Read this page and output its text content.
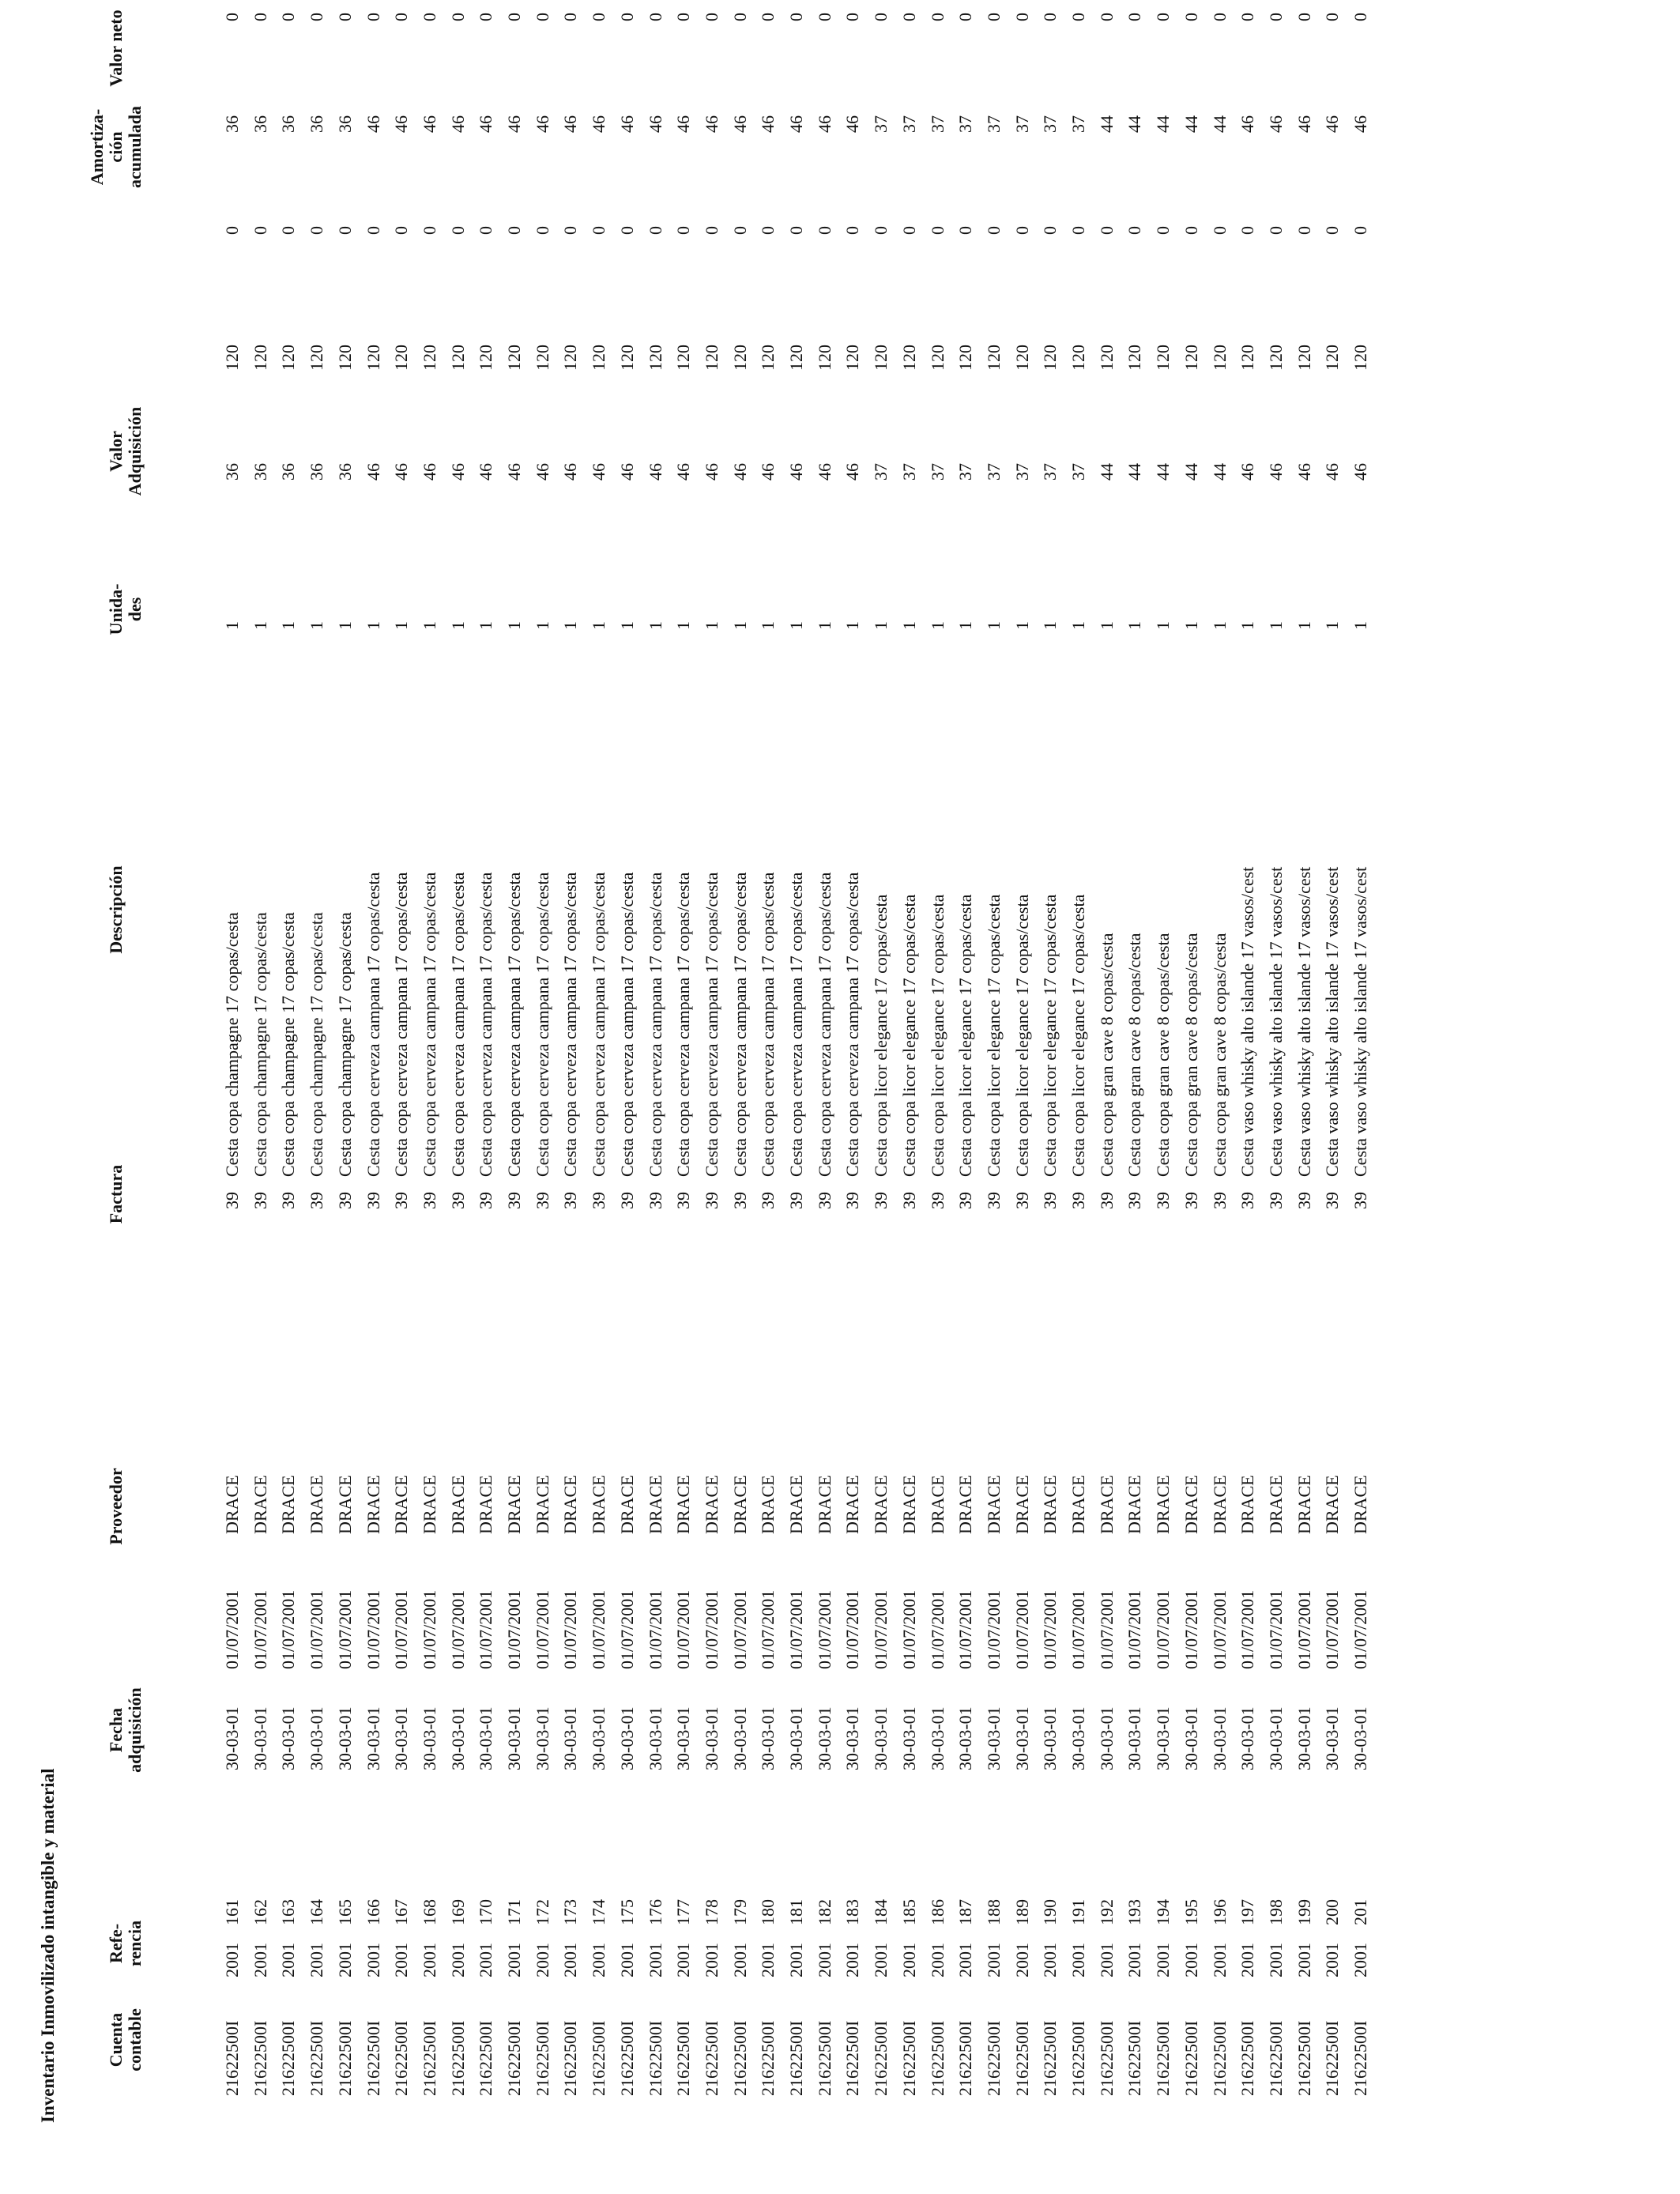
Inventario Inmovilizado intangible y material	Cuenta contable
Refe- rencia
Fecha adquisición
Proveedor
Factura
Descripción
Unida- des
Valor Adquisición
Amortiza- ción acumulada
Valor neto
21622500I
2001
161
30-03-01
01/07/2001
DRACE
39
Cesta copa champagne 17 copas/cesta
1
36
120
0
36
0
21622500I
2001
162
30-03-01
01/07/2001
DRACE
39
Cesta copa champagne 17 copas/cesta
1
36
120
0
36
0
21622500I
2001
163
30-03-01
01/07/2001
DRACE
39
Cesta copa champagne 17 copas/cesta
1
36
120
0
36
0
21622500I
2001
164
30-03-01
01/07/2001
DRACE
39
Cesta copa champagne 17 copas/cesta
1
36
120
0
36
0
21622500I
2001
165
30-03-01
01/07/2001
DRACE
39
Cesta copa champagne 17 copas/cesta
1
36
120
0
36
0
21622500I
2001
166
30-03-01
01/07/2001
DRACE
39
Cesta copa cerveza campana 17 copas/cesta
1
46
120
0
46
0
21622500I
2001
167
30-03-01
01/07/2001
DRACE
39
Cesta copa cerveza campana 17 copas/cesta
1
46
120
0
46
0
21622500I
2001
168
30-03-01
01/07/2001
DRACE
39
Cesta copa cerveza campana 17 copas/cesta
1
46
120
0
46
0
21622500I
2001
169
30-03-01
01/07/2001
DRACE
39
Cesta copa cerveza campana 17 copas/cesta
1
46
120
0
46
0
21622500I
2001
170
30-03-01
01/07/2001
DRACE
39
Cesta copa cerveza campana 17 copas/cesta
1
46
120
0
46
0
21622500I
2001
171
30-03-01
01/07/2001
DRACE
39
Cesta copa cerveza campana 17 copas/cesta
1
46
120
0
46
0
21622500I
2001
172
30-03-01
01/07/2001
DRACE
39
Cesta copa cerveza campana 17 copas/cesta
1
46
120
0
46
0
21622500I
2001
173
30-03-01
01/07/2001
DRACE
39
Cesta copa cerveza campana 17 copas/cesta
1
46
120
0
46
0
21622500I
2001
174
30-03-01
01/07/2001
DRACE
39
Cesta copa cerveza campana 17 copas/cesta
1
46
120
0
46
0
21622500I
2001
175
30-03-01
01/07/2001
DRACE
39
Cesta copa cerveza campana 17 copas/cesta
1
46
120
0
46
0
21622500I
2001
176
30-03-01
01/07/2001
DRACE
39
Cesta copa cerveza campana 17 copas/cesta
1
46
120
0
46
0
21622500I
2001
177
30-03-01
01/07/2001
DRACE
39
Cesta copa cerveza campana 17 copas/cesta
1
46
120
0
46
0
21622500I
2001
178
30-03-01
01/07/2001
DRACE
39
Cesta copa cerveza campana 17 copas/cesta
1
46
120
0
46
0
21622500I
2001
179
30-03-01
01/07/2001
DRACE
39
Cesta copa cerveza campana 17 copas/cesta
1
46
120
0
46
0
21622500I
2001
180
30-03-01
01/07/2001
DRACE
39
Cesta copa cerveza campana 17 copas/cesta
1
46
120
0
46
0
21622500I
2001
181
30-03-01
01/07/2001
DRACE
39
Cesta copa cerveza campana 17 copas/cesta
1
46
120
0
46
0
21622500I
2001
182
30-03-01
01/07/2001
DRACE
39
Cesta copa cerveza campana 17 copas/cesta
1
46
120
0
46
0
21622500I
2001
183
30-03-01
01/07/2001
DRACE
39
Cesta copa cerveza campana 17 copas/cesta
1
46
120
0
46
0
21622500I
2001
184
30-03-01
01/07/2001
DRACE
39
Cesta copa licor elegance 17 copas/cesta
1
37
120
0
37
0
21622500I
2001
185
30-03-01
01/07/2001
DRACE
39
Cesta copa licor elegance 17 copas/cesta
1
37
120
0
37
0
21622500I
2001
186
30-03-01
01/07/2001
DRACE
39
Cesta copa licor elegance 17 copas/cesta
1
37
120
0
37
0
21622500I
2001
187
30-03-01
01/07/2001
DRACE
39
Cesta copa licor elegance 17 copas/cesta
1
37
120
0
37
0
21622500I
2001
188
30-03-01
01/07/2001
DRACE
39
Cesta copa licor elegance 17 copas/cesta
1
37
120
0
37
0
21622500I
2001
189
30-03-01
01/07/2001
DRACE
39
Cesta copa licor elegance 17 copas/cesta
1
37
120
0
37
0
21622500I
2001
190
30-03-01
01/07/2001
DRACE
39
Cesta copa licor elegance 17 copas/cesta
1
37
120
0
37
0
21622500I
2001
191
30-03-01
01/07/2001
DRACE
39
Cesta copa licor elegance 17 copas/cesta
1
37
120
0
37
0
21622500I
2001
192
30-03-01
01/07/2001
DRACE
39
Cesta copa gran cave 8 copas/cesta
1
44
120
0
44
0
21622500I
2001
193
30-03-01
01/07/2001
DRACE
39
Cesta copa gran cave 8 copas/cesta
1
44
120
0
44
0
21622500I
2001
194
30-03-01
01/07/2001
DRACE
39
Cesta copa gran cave 8 copas/cesta
1
44
120
0
44
0
21622500I
2001
195
30-03-01
01/07/2001
DRACE
39
Cesta copa gran cave 8 copas/cesta
1
44
120
0
44
0
21622500I
2001
196
30-03-01
01/07/2001
DRACE
39
Cesta copa gran cave 8 copas/cesta
1
44
120
0
44
0
21622500I
2001
197
30-03-01
01/07/2001
DRACE
39
Cesta vaso whisky alto islande 17 vasos/cest
1
46
120
0
46
0
21622500I
2001
198
30-03-01
01/07/2001
DRACE
39
Cesta vaso whisky alto islande 17 vasos/cest
1
46
120
0
46
0
21622500I
2001
199
30-03-01
01/07/2001
DRACE
39
Cesta vaso whisky alto islande 17 vasos/cest
1
46
120
0
46
0
21622500I
2001
200
30-03-01
01/07/2001
DRACE
39
Cesta vaso whisky alto islande 17 vasos/cest
1
46
120
0
46
0
21622500I
2001
201
30-03-01
01/07/2001
DRACE
39
Cesta vaso whisky alto islande 17 vasos/cest
1
46
120
0
46
0
